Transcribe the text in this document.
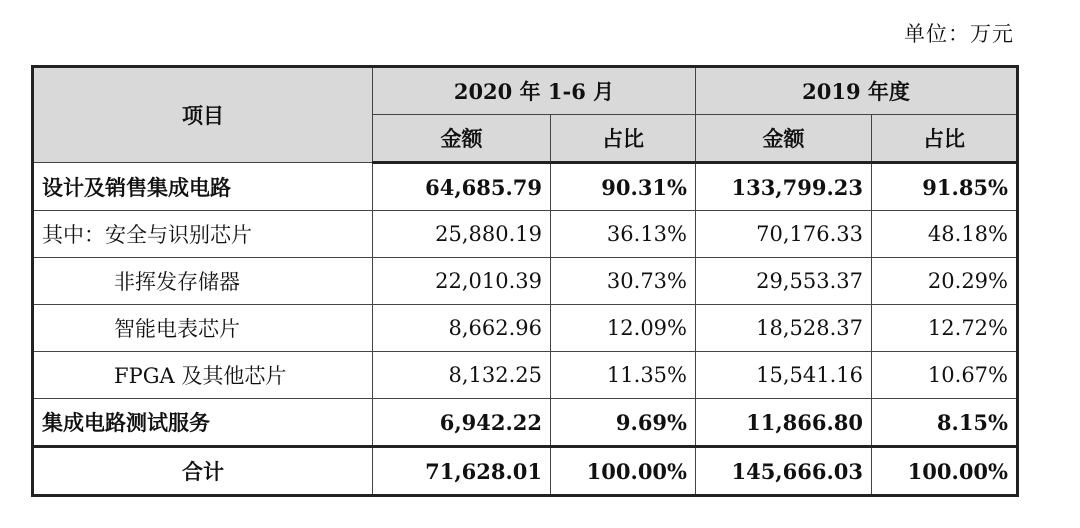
单位：万元
项目	2020 年 1-6 月		2019 年度	
	金额	占比	金额	占比
设计及销售集成电路	64,685.79	90.31%	133,799.23	91.85%
其中：安全与识别芯片	25,880.19	36.13%	70,176.33	48.18%
非挥发存储器	22,010.39	30.73%	29,553.37	20.29%
智能电表芯片	8,662.96	12.09%	18,528.37	12.72%
FPGA 及其他芯片	8,132.25	11.35%	15,541.16	10.67%
集成电路测试服务	6,942.22	9.69%	11,866.80	8.15%
合计	71,628.01	100.00%	145,666.03	100.00%
